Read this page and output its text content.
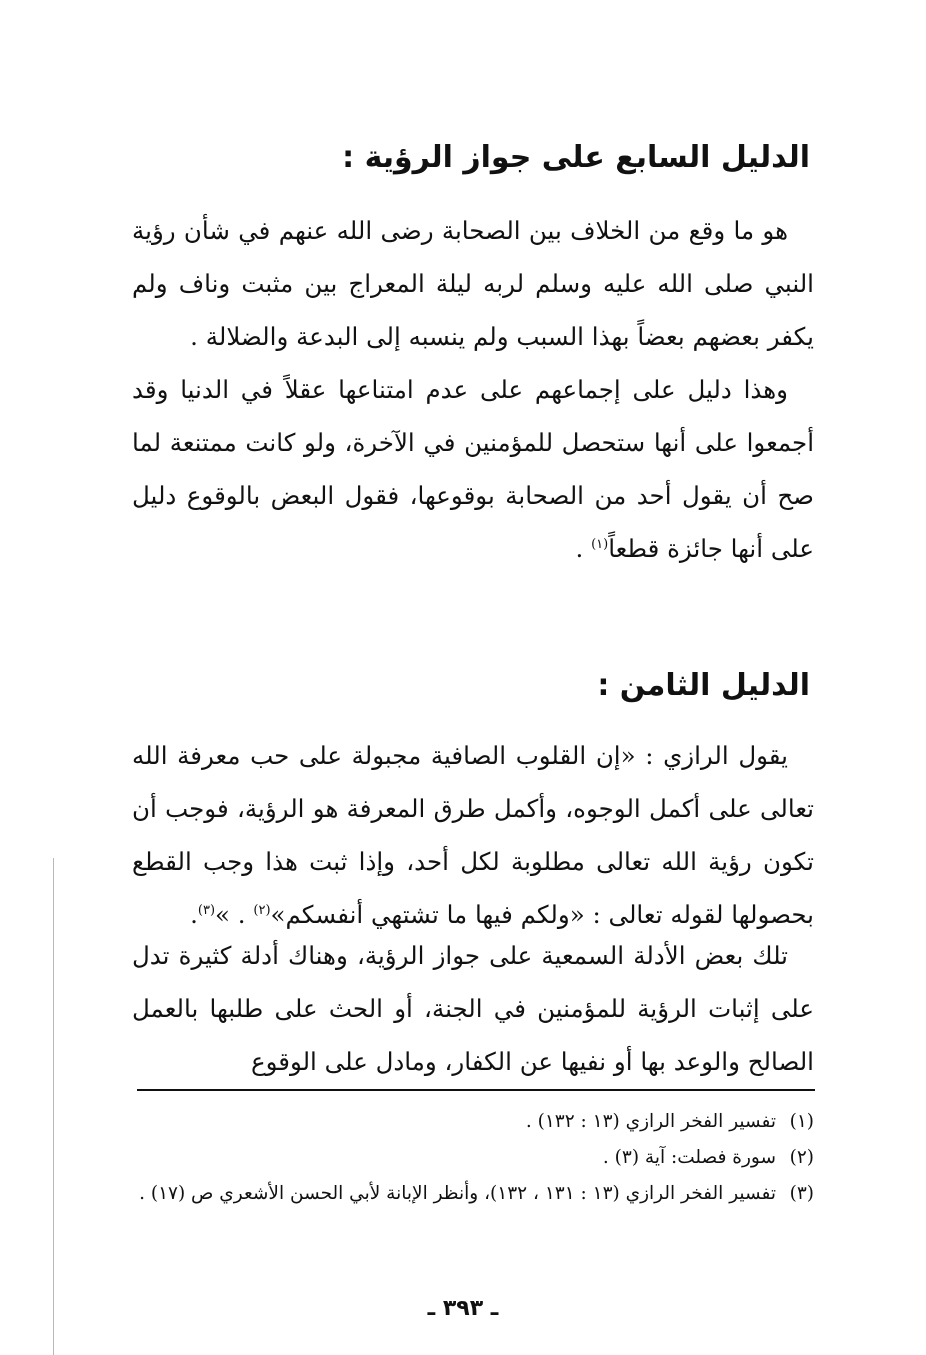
الدليل السابع على جواز الرؤية :

هو ما وقع من الخلاف بين الصحابة رضى الله عنهم في شأن رؤية النبي صلى الله عليه وسلم لربه ليلة المعراج بين مثبت وناف ولم يكفر بعضهم بعضاً بهذا السبب ولم ينسبه إلى البدعة والضلالة .

وهذا دليل على إجماعهم على عدم امتناعها عقلاً في الدنيا وقد أجمعوا على أنها ستحصل للمؤمنين في الآخرة، ولو كانت ممتنعة لما صح أن يقول أحد من الصحابة بوقوعها، فقول البعض بالوقوع دليل على أنها جائزة قطعاً$^{(١)}$ .

الدليل الثامن :

يقول الرازي : «إن القلوب الصافية مجبولة على حب معرفة الله تعالى على أكمل الوجوه، وأكمل طرق المعرفة هو الرؤية، فوجب أن تكون رؤية الله تعالى مطلوبة لكل أحد، وإذا ثبت هذا وجب القطع بحصولها لقوله تعالى : «ولكم فيها ما تشتهي أنفسكم»$^{(٢)}$ . »$^{(٣)}$.

تلك بعض الأدلة السمعية على جواز الرؤية، وهناك أدلة كثيرة تدل على إثبات الرؤية للمؤمنين في الجنة، أو الحث على طلبها بالعمل الصالح والوعد بها أو نفيها عن الكفار، ومادل على الوقوع

(١)
تفسير الفخر الرازي (١٣ : ١٣٢) .
(٢)
سورة فصلت: آية (٣) .
(٣)
تفسير الفخر الرازي (١٣ : ١٣١ ، ١٣٢)، وأنظر الإبانة لأبي الحسن الأشعري ص (١٧) .
ـ ٣٩٣ ـ
